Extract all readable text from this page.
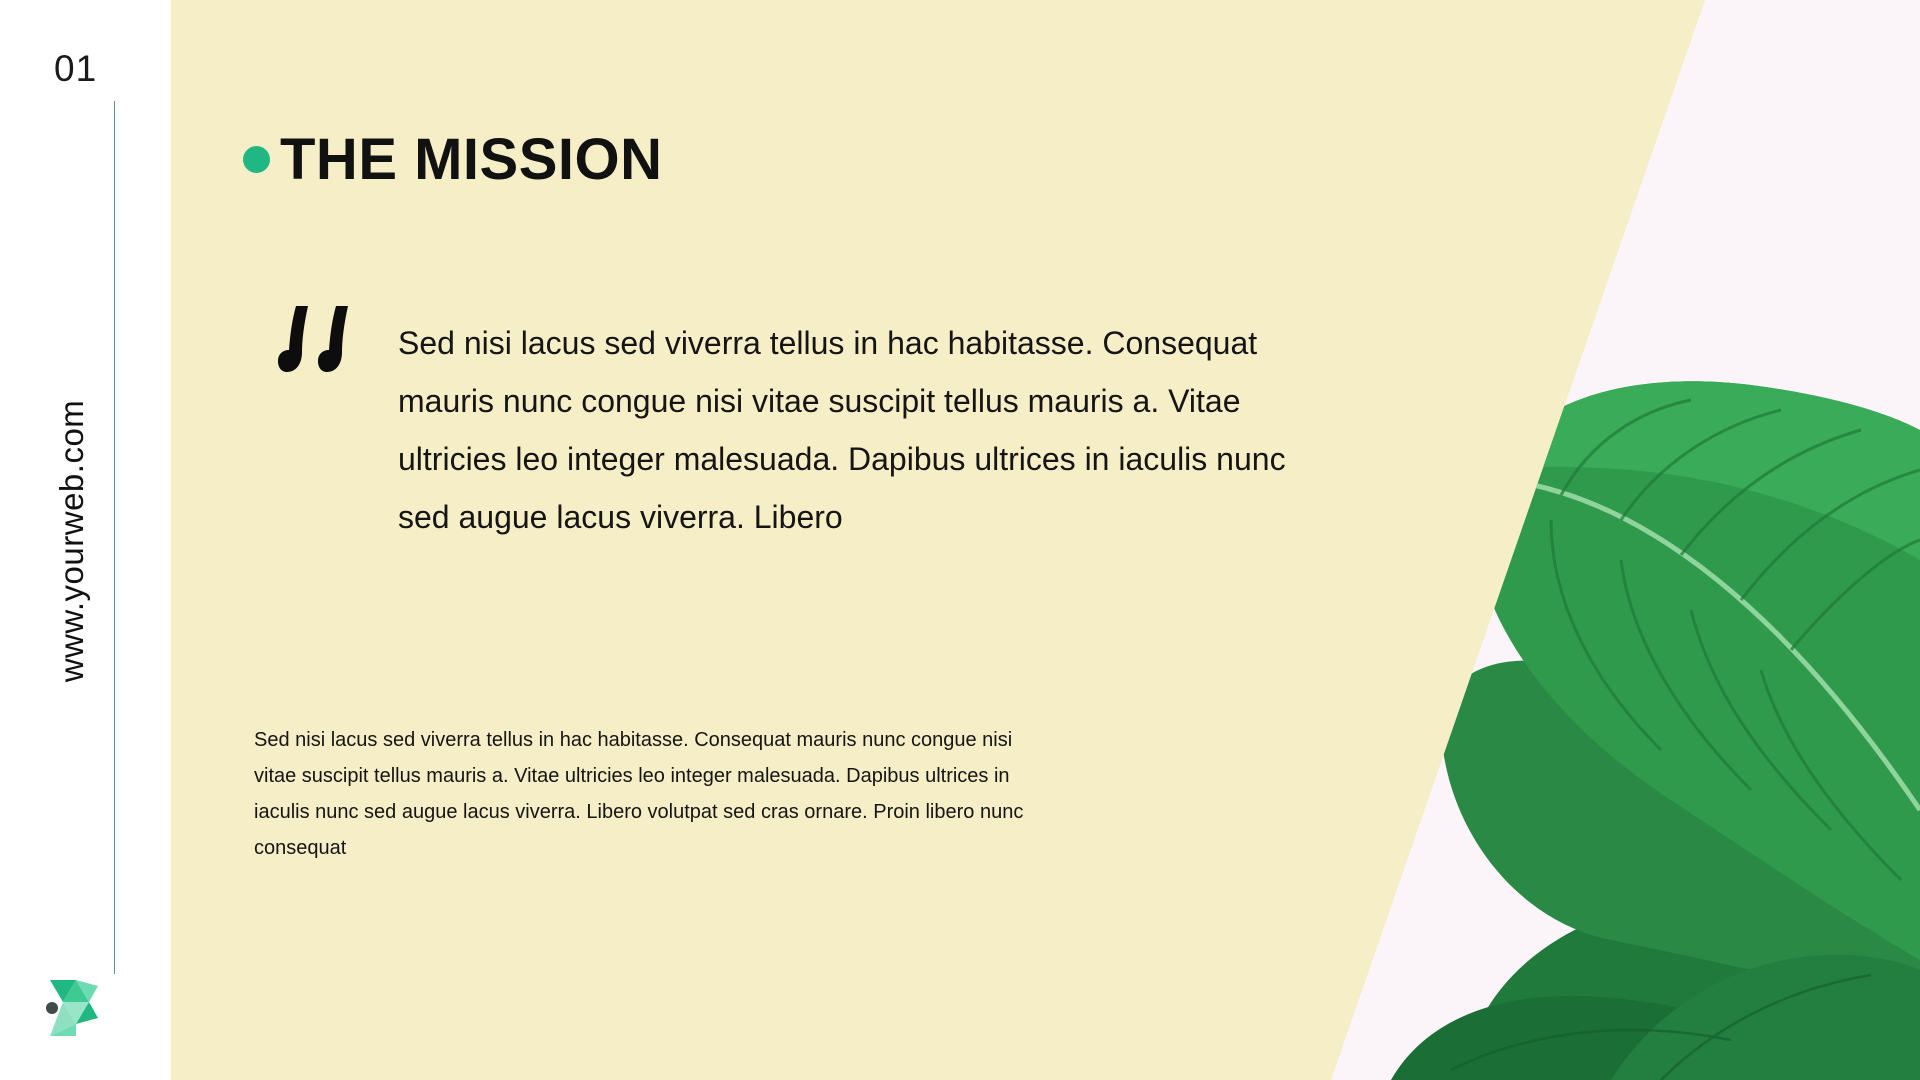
01
www.yourweb.com
THE MISSION
Sed nisi lacus sed viverra tellus in hac habitasse. Consequat mauris nunc congue nisi vitae suscipit tellus mauris a. Vitae ultricies leo integer malesuada. Dapibus ultrices in iaculis nunc sed augue lacus viverra. Libero
Sed nisi lacus sed viverra tellus in hac habitasse. Consequat mauris nunc congue nisi vitae suscipit tellus mauris a. Vitae ultricies leo integer malesuada. Dapibus ultrices in iaculis nunc sed augue lacus viverra. Libero volutpat sed cras ornare. Proin libero nunc consequat
